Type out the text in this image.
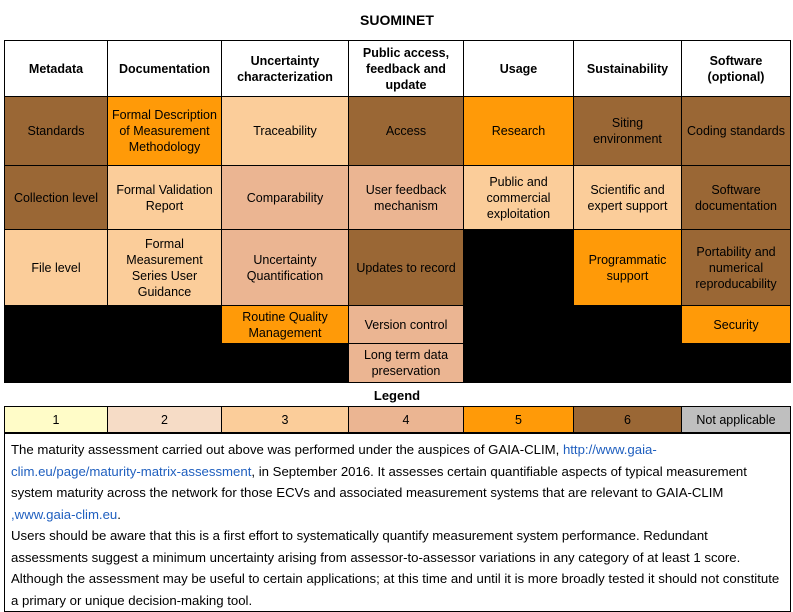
SUOMINET
Metadata	Documentation	Uncertainty characterization	Public access, feedback and update	Usage	Sustainability	Software (optional)
Standards	Formal Description of Measurement Methodology	Traceability	Access	Research	Siting environment	Coding standards
Collection level	Formal Validation Report	Comparability	User feedback mechanism	Public and commercial exploitation	Scientific and expert support	Software documentation
File level	Formal Measurement Series User Guidance	Uncertainty Quantification	Updates to record		Programmatic support	Portability and numerical reproducability
		Routine Quality Management	Version control			Security
			Long term data preservation			
Legend
1	2	3	4	5	6	Not applicable
The maturity assessment carried out above was performed under the auspices of GAIA-CLIM, http://www.gaia-clim.eu/page/maturity-matrix-assessment, in September 2016. It assesses certain quantifiable aspects of typical measurement system maturity across the network for those ECVs and associated measurement systems that are relevant to GAIA-CLIM ,www.gaia-clim.eu.
Users should be aware that this is a first effort to systematically quantify measurement system performance. Redundant assessments suggest a minimum uncertainty arising from assessor-to-assessor variations in any category of at least 1 score. Although the assessment may be useful to certain applications; at this time and until it is more broadly tested it should not constitute a primary or unique decision-making tool.
